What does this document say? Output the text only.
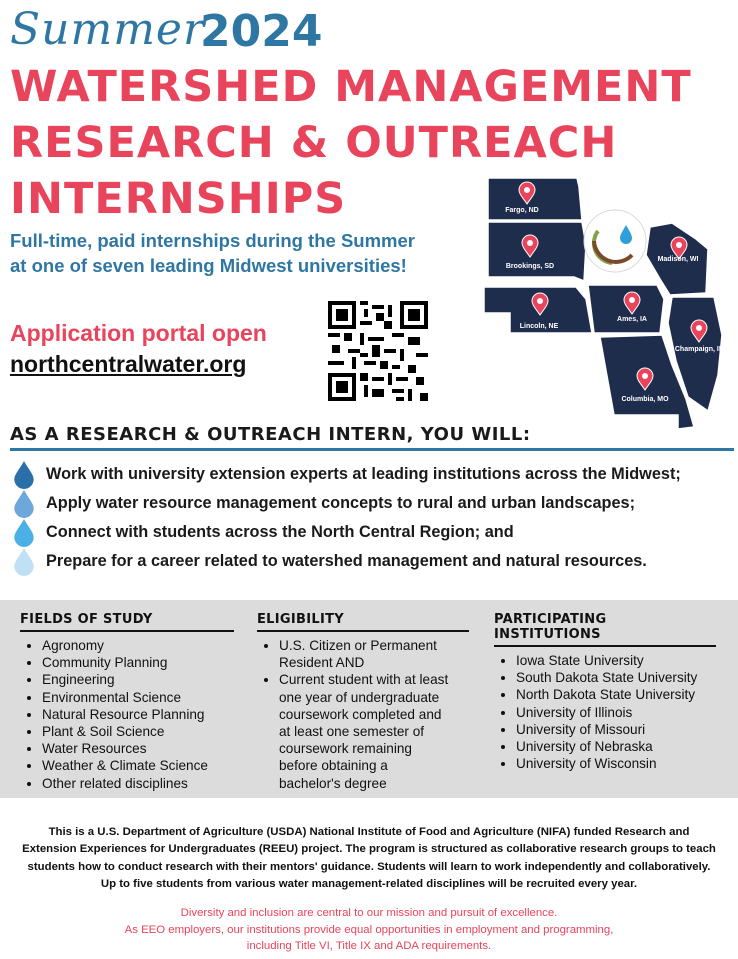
Summer
2024
WATERSHED MANAGEMENT
RESEARCH & OUTREACH
INTERNSHIPS
Full-time, paid internships during the Summer
at one of seven leading Midwest universities!
Application portal open
northcentralwater.org
Fargo, ND
Brookings, SD
Lincoln, NE
Ames, IA
Madison, WI
Champaign, IL
Columbia, MO
AS A RESEARCH & OUTREACH INTERN, YOU WILL:
Work with university extension experts at leading institutions across the Midwest;
Apply water resource management concepts to rural and urban landscapes;
Connect with students across the North Central Region; and
Prepare for a career related to watershed management and natural resources.
FIELDS OF STUDY
• Agronomy
• Community Planning
• Engineering
• Environmental Science
• Natural Resource Planning
• Plant & Soil Science
• Water Resources
• Weather & Climate Science
• Other related disciplines
ELIGIBILITY
• U.S. Citizen or Permanent Resident AND
• Current student with at least one year of undergraduate coursework completed and at least one semester of coursework remaining before obtaining a bachelor's degree
PARTICIPATING INSTITUTIONS
• Iowa State University
• South Dakota State University
• North Dakota State University
• University of Illinois
• University of Missouri
• University of Nebraska
• University of Wisconsin
This is a U.S. Department of Agriculture (USDA) National Institute of Food and Agriculture (NIFA) funded Research and Extension Experiences for Undergraduates (REEU) project. The program is structured as collaborative research groups to teach students how to conduct research with their mentors' guidance. Students will learn to work independently and collaboratively. Up to five students from various water management-related disciplines will be recruited every year.
Diversity and inclusion are central to our mission and pursuit of excellence.
As EEO employers, our institutions provide equal opportunities in employment and programming,
including Title VI, Title IX and ADA requirements.
